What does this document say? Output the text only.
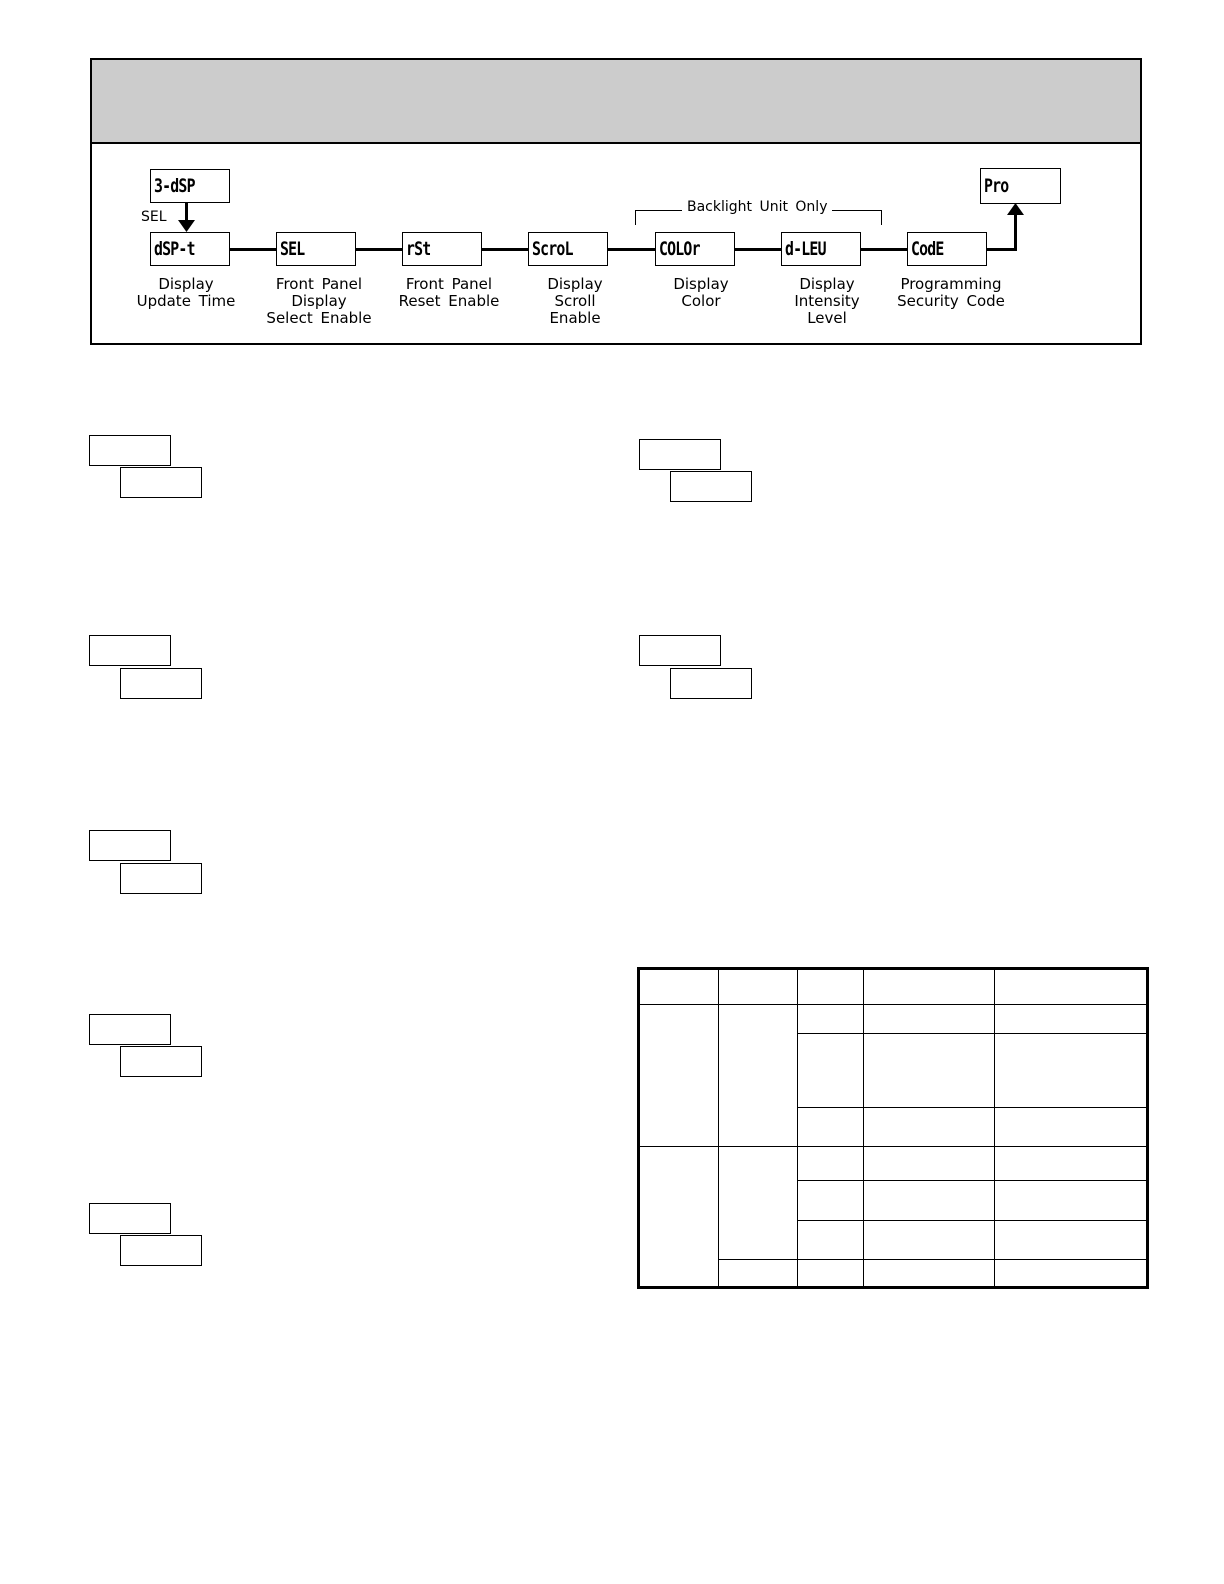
3-dSP
SEL
Backlight Unit Only
dSP-t	SEL	rSt	ScroL	COLOr	d-LEU	CodE
Pro
Display
Update Time
Front Panel
Display
Select Enable
Front Panel
Reset Enable
Display
Scroll
Enable
Display
Color
Display
Intensity
Level
Programming
Security Code
